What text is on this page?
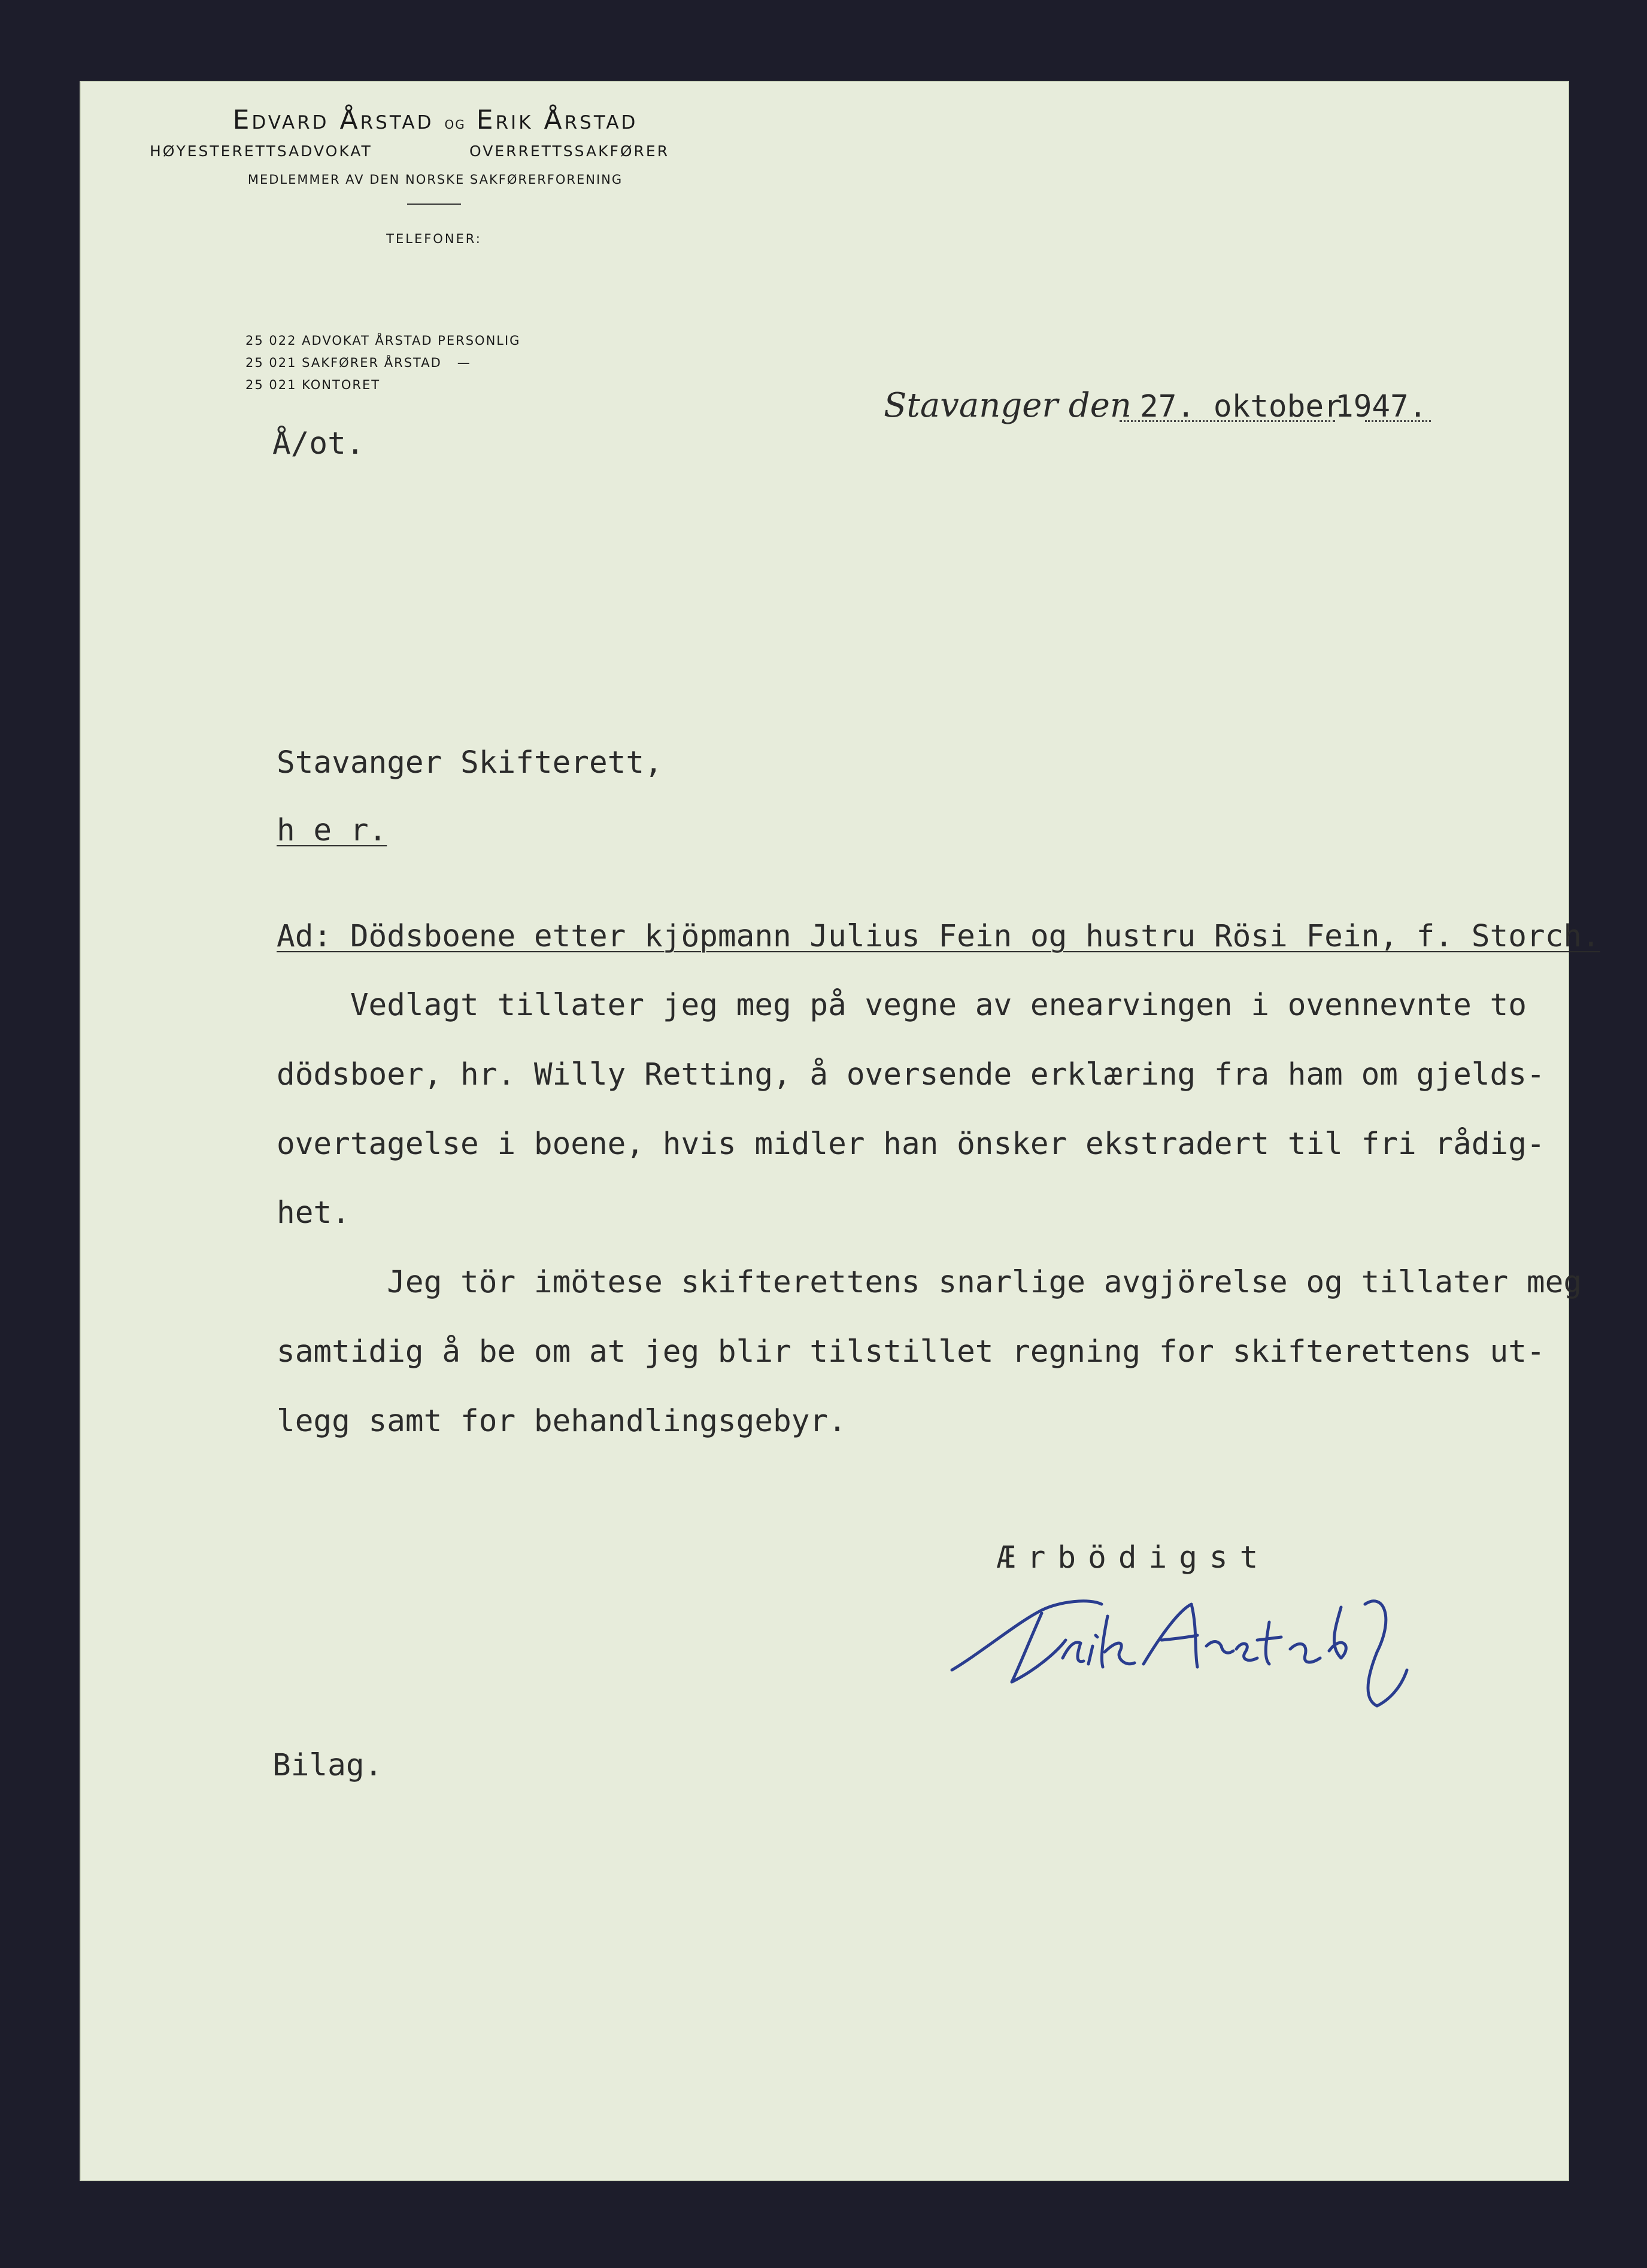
Edvard Årstad og Erik Årstad
HØYESTERETTSADVOKAT	OVERRETTSSAKFØRER
MEDLEMMER AV DEN NORSKE SAKFØRERFORENING
TELEFONER:
25 022 ADVOKAT ÅRSTAD PERSONLIG
25 021 SAKFØRER ÅRSTAD   —
25 021 KONTORET
Stavanger den 27. oktober
1947.
Å/ot.
Stavanger Skifterett,
h e r.
Ad: Dödsboene etter kjöpmann Julius Fein og hustru Rösi Fein, f. Storch.
Vedlagt tillater jeg meg på vegne av enearvingen i ovennevnte to
dödsboer, hr. Willy Retting, å oversende erklæring fra ham om gjelds-
overtagelse i boene, hvis midler han önsker ekstradert til fri rådig-
het.
Jeg tör imötese skifterettens snarlige avgjörelse og tillater meg
samtidig å be om at jeg blir tilstillet regning for skifterettens ut-
legg samt for behandlingsgebyr.
Ærbödigst
Bilag.
